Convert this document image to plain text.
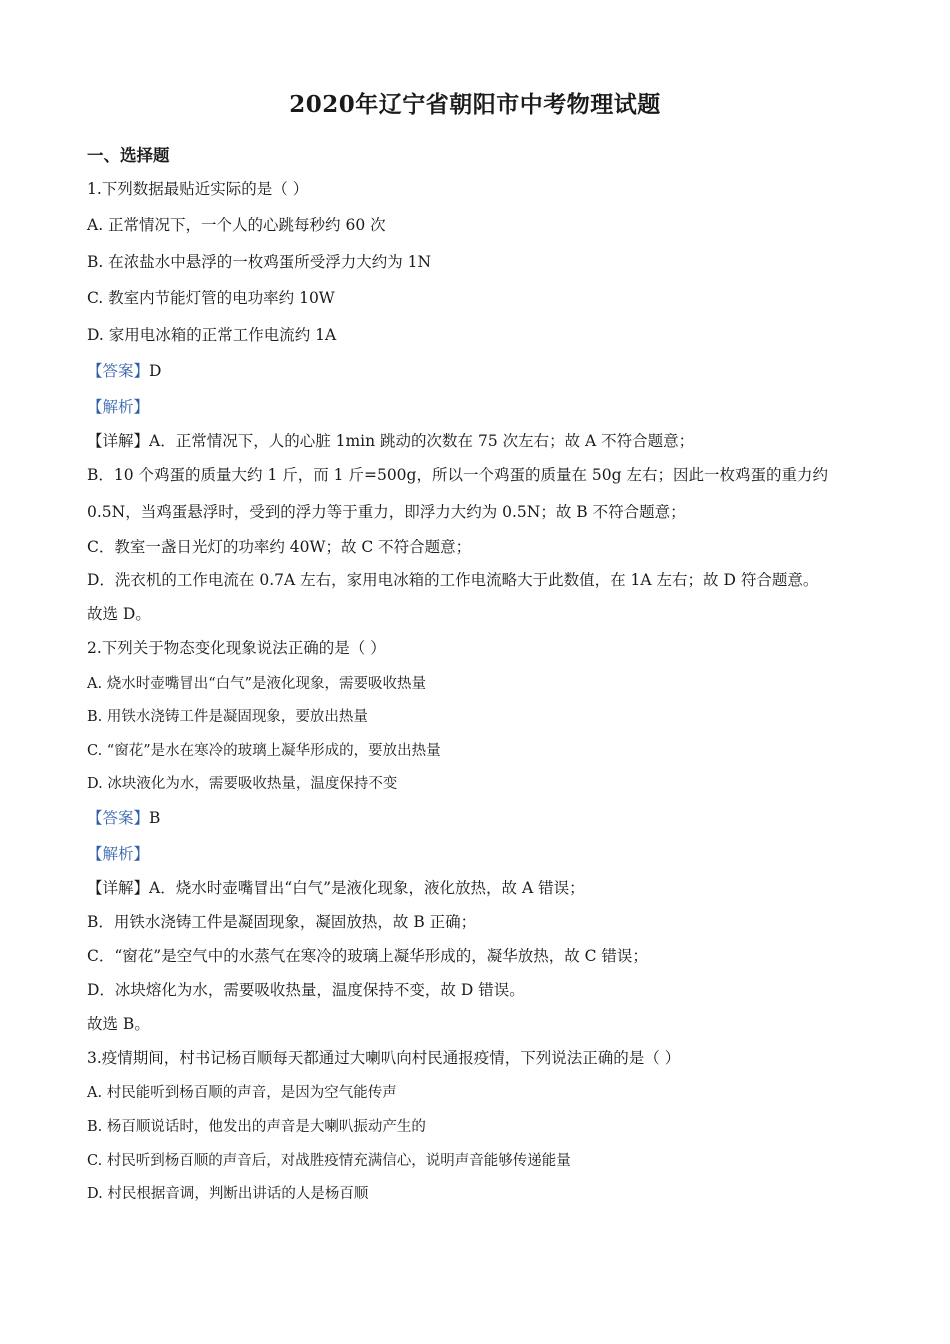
2020年辽宁省朝阳市中考物理试题
一、选择题
1.下列数据最贴近实际的是（ ）
A. 正常情况下，一个人的心跳每秒约 60 次
B. 在浓盐水中悬浮的一枚鸡蛋所受浮力大约为 1N
C. 教室内节能灯管的电功率约 10W
D. 家用电冰箱的正常工作电流约 1A
【答案】D
【解析】
【详解】A．正常情况下，人的心脏 1min 跳动的次数在 75 次左右；故 A 不符合题意；
B．10 个鸡蛋的质量大约 1 斤，而 1 斤=500g，所以一个鸡蛋的质量在 50g 左右；因此一枚鸡蛋的重力约
0.5N，当鸡蛋悬浮时，受到的浮力等于重力，即浮力大约为 0.5N；故 B 不符合题意；
C．教室一盏日光灯的功率约 40W；故 C 不符合题意；
D．洗衣机的工作电流在 0.7A 左右，家用电冰箱的工作电流略大于此数值，在 1A 左右；故 D 符合题意。
故选 D。
2.下列关于物态变化现象说法正确的是（ ）
A. 烧水时壶嘴冒出“白气”是液化现象，需要吸收热量
B. 用铁水浇铸工件是凝固现象，要放出热量
C. “窗花”是水在寒冷的玻璃上凝华形成的，要放出热量
D. 冰块液化为水，需要吸收热量，温度保持不变
【答案】B
【解析】
【详解】A．烧水时壶嘴冒出“白气”是液化现象，液化放热，故 A 错误；
B．用铁水浇铸工件是凝固现象，凝固放热，故 B 正确；
C．“窗花”是空气中的水蒸气在寒冷的玻璃上凝华形成的，凝华放热，故 C 错误；
D．冰块熔化为水，需要吸收热量，温度保持不变，故 D 错误。
故选 B。
3.疫情期间，村书记杨百顺每天都通过大喇叭向村民通报疫情，下列说法正确的是（ ）
A. 村民能听到杨百顺的声音，是因为空气能传声
B. 杨百顺说话时，他发出的声音是大喇叭振动产生的
C. 村民听到杨百顺的声音后，对战胜疫情充满信心，说明声音能够传递能量
D. 村民根据音调，判断出讲话的人是杨百顺
